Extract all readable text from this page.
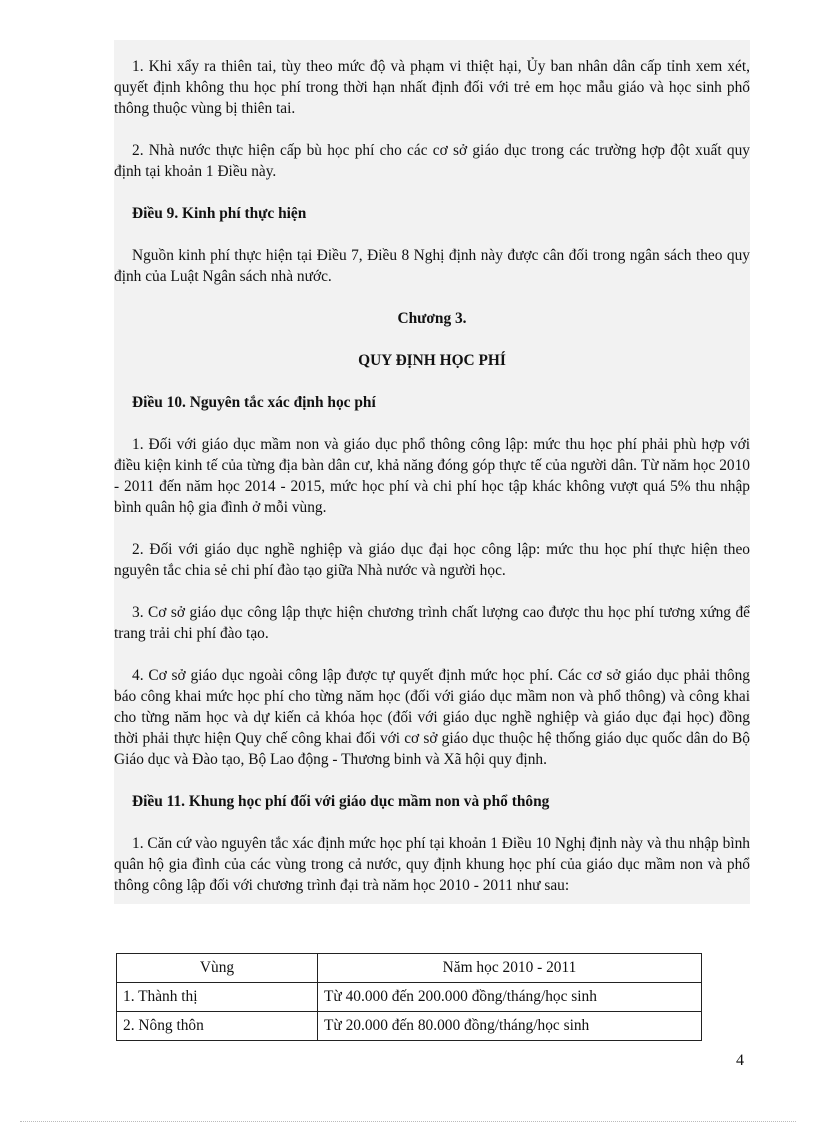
1. Khi xẩy ra thiên tai, tùy theo mức độ và phạm vi thiệt hại, Ủy ban nhân dân cấp tỉnh xem xét, quyết định không thu học phí trong thời hạn nhất định đối với trẻ em học mẫu giáo và học sinh phổ thông thuộc vùng bị thiên tai.

2. Nhà nước thực hiện cấp bù học phí cho các cơ sở giáo dục trong các trường hợp đột xuất quy định tại khoản 1 Điều này.

Điều 9. Kinh phí thực hiện

Nguồn kinh phí thực hiện tại Điều 7, Điều 8 Nghị định này được cân đối trong ngân sách theo quy định của Luật Ngân sách nhà nước.

Chương 3.

QUY ĐỊNH HỌC PHÍ

Điều 10. Nguyên tắc xác định học phí

1. Đối với giáo dục mầm non và giáo dục phổ thông công lập: mức thu học phí phải phù hợp với điều kiện kinh tế của từng địa bàn dân cư, khả năng đóng góp thực tế của người dân. Từ năm học 2010 - 2011 đến năm học 2014 - 2015, mức học phí và chi phí học tập khác không vượt quá 5% thu nhập bình quân hộ gia đình ở mỗi vùng.

2. Đối với giáo dục nghề nghiệp và giáo dục đại học công lập: mức thu học phí thực hiện theo nguyên tắc chia sẻ chi phí đào tạo giữa Nhà nước và người học.

3. Cơ sở giáo dục công lập thực hiện chương trình chất lượng cao được thu học phí tương xứng để trang trải chi phí đào tạo.

4. Cơ sở giáo dục ngoài công lập được tự quyết định mức học phí. Các cơ sở giáo dục phải thông báo công khai mức học phí cho từng năm học (đối với giáo dục mầm non và phổ thông) và công khai cho từng năm học và dự kiến cả khóa học (đối với giáo dục nghề nghiệp và giáo dục đại học) đồng thời phải thực hiện Quy chế công khai đối với cơ sở giáo dục thuộc hệ thống giáo dục quốc dân do Bộ Giáo dục và Đào tạo, Bộ Lao động - Thương binh và Xã hội quy định.

Điều 11. Khung học phí đối với giáo dục mầm non và phổ thông

1. Căn cứ vào nguyên tắc xác định mức học phí tại khoản 1 Điều 10 Nghị định này và thu nhập bình quân hộ gia đình của các vùng trong cả nước, quy định khung học phí của giáo dục mầm non và phổ thông công lập đối với chương trình đại trà năm học 2010 - 2011 như sau:

Vùng	Năm học 2010 - 2011
1. Thành thị	Từ 40.000 đến 200.000 đồng/tháng/học sinh
2. Nông thôn	Từ 20.000 đến 80.000 đồng/tháng/học sinh
4
